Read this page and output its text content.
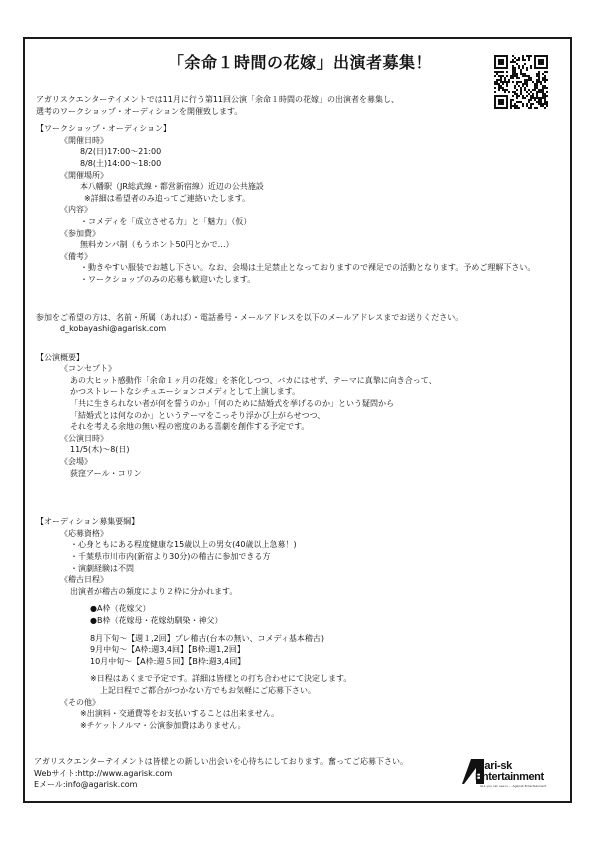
「余命１時間の花嫁」出演者募集！

アガリスクエンターテイメントでは11月に行う第11回公演「余命１時間の花嫁」の出演者を募集し、

選考のワークショップ・オーディションを開催致します。

【ワークショップ・オーディション】

《開催日時》

8/2(日)17:00～21:00

8/8(土)14:00～18:00

《開催場所》

本八幡駅（JR総武線・都営新宿線）近辺の公共施設

※詳細は希望者のみ追ってご連絡いたします。

《内容》

・コメディを「成立させる力」と「魅力」（仮）

《参加費》

無料カンパ制（もうホント50円とかで…）

《備考》

・動きやすい服装でお越し下さい。なお、会場は土足禁止となっておりますので裸足での活動となります。予めご理解下さい。

・ワークショップのみの応募も歓迎いたします。

参加をご希望の方は、名前・所属（あれば）・電話番号・メールアドレスを以下のメールアドレスまでお送りください。

d_kobayashi@agarisk.com

【公演概要】

《コンセプト》

あの大ヒット感動作「余命１ヶ月の花嫁」を茶化しつつ、バカにはせず、テーマに真摯に向き合って、

かつストレートなシチュエーションコメディとして上演します。

「共に生きられない者が何を誓うのか」「何のために結婚式を挙げるのか」という疑問から

「結婚式とは何なのか」というテーマをこっそり浮かび上がらせつつ、

それを考える余地の無い程の密度のある喜劇を創作する予定です。

《公演日時》

11/5(木)～8(日)

《会場》

荻窪アール・コリン

【オーディション募集要綱】

《応募資格》

・心身ともにある程度健康な15歳以上の男女(40歳以上急募！)

・千葉県市川市内(新宿より30分)の稽古に参加できる方

・演劇経験は不問

《稽古日程》

出演者が稽古の頻度により２枠に分かれます。

●A枠（花嫁父）

●B枠（花嫁母・花嫁幼馴染・神父）

8月下旬～【週１,2回】プレ稽古(台本の無い、コメディ基本稽古)

9月中旬～【A枠:週3,4回】【B枠:週1,2回】

10月中旬～【A枠:週５回】【B枠:週3,4回】

※日程はあくまで予定です。詳細は皆様との打ち合わせにて決定します。

上記日程でご都合がつかない方でもお気軽にご応募下さい。

《その他》

※出演料・交通費等をお支払いすることは出来ません。

※チケットノルマ・公演参加費はありません。

アガリスクエンターテイメントは皆様との新しい出会いを心待ちにしております。奮ってご応募下さい。

Webサイト:http://www.agarisk.com

Eメール:info@agarisk.com

gari-sk
Entertainment
ALL you can see is ... Agarisk Entertainment
